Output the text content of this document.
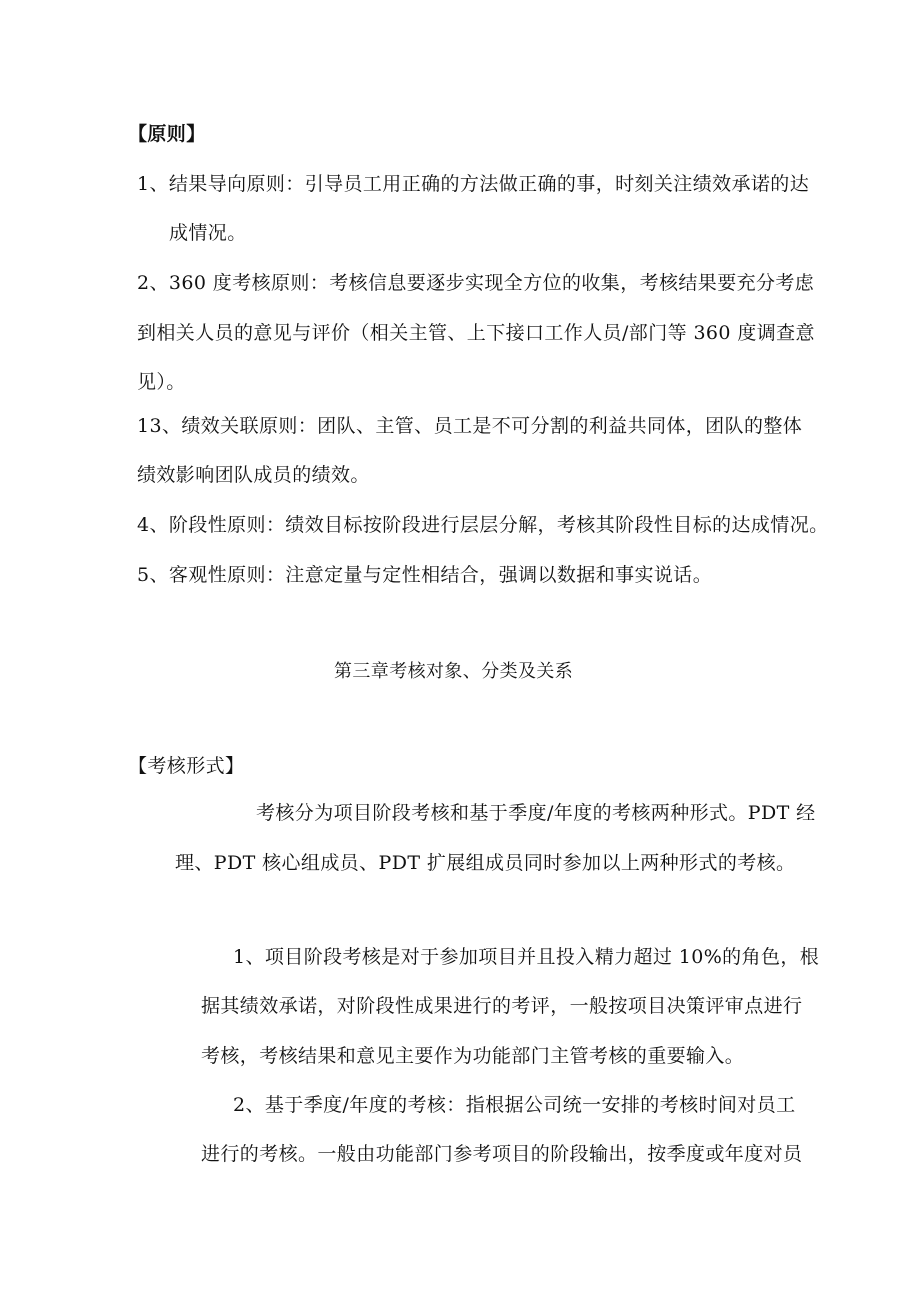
【原则】
1、结果导向原则：引导员工用正确的方法做正确的事，时刻关注绩效承诺的达
成情况。
2、360 度考核原则：考核信息要逐步实现全方位的收集，考核结果要充分考虑
到相关人员的意见与评价（相关主管、上下接口工作人员/部门等 360 度调查意
见）。
13、绩效关联原则：团队、主管、员工是不可分割的利益共同体，团队的整体
绩效影响团队成员的绩效。
4、阶段性原则：绩效目标按阶段进行层层分解，考核其阶段性目标的达成情况。
5、客观性原则：注意定量与定性相结合，强调以数据和事实说话。
第三章考核对象、分类及关系
【考核形式】
考核分为项目阶段考核和基于季度/年度的考核两种形式。PDT 经
理、PDT 核心组成员、PDT 扩展组成员同时参加以上两种形式的考核。
1、项目阶段考核是对于参加项目并且投入精力超过 10%的角色，根
据其绩效承诺，对阶段性成果进行的考评，一般按项目决策评审点进行
考核，考核结果和意见主要作为功能部门主管考核的重要输入。
2、基于季度/年度的考核：指根据公司统一安排的考核时间对员工
进行的考核。一般由功能部门参考项目的阶段输出，按季度或年度对员
